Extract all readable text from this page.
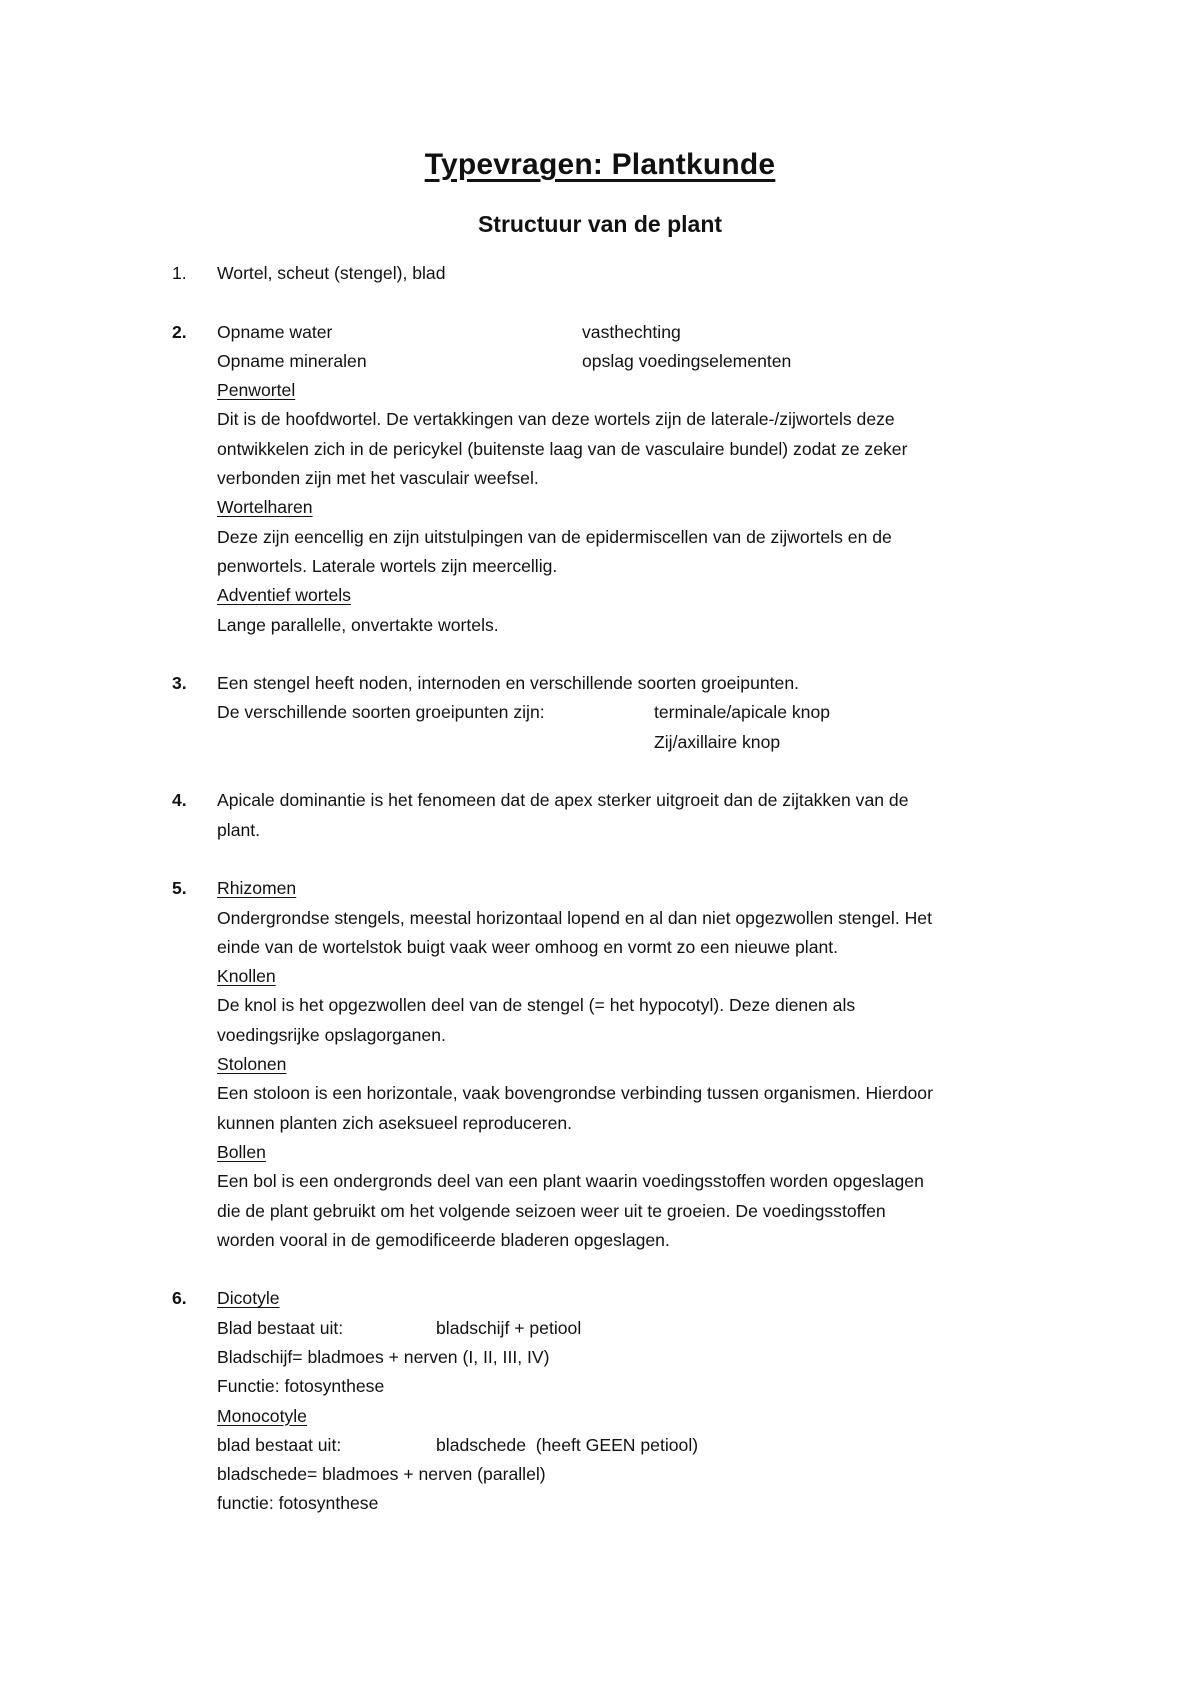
Typevragen: Plantkunde
Structuur van de plant
1.	Wortel, scheut (stengel), blad
2.	Opname water	vasthechting
Opname mineralen	opslag voedingselementen
Penwortel
Dit is de hoofdwortel. De vertakkingen van deze wortels zijn de laterale-/zijwortels deze
ontwikkelen zich in de pericykel (buitenste laag van de vasculaire bundel) zodat ze zeker
verbonden zijn met het vasculair weefsel.
Wortelharen
Deze zijn eencellig en zijn uitstulpingen van de epidermiscellen van de zijwortels en de
penwortels. Laterale wortels zijn meercellig.
Adventief wortels
Lange parallelle, onvertakte wortels.
3.	Een stengel heeft noden, internoden en verschillende soorten groeipunten.
De verschillende soorten groeipunten zijn:	terminale/apicale knop
Zij/axillaire knop
4.	Apicale dominantie is het fenomeen dat de apex sterker uitgroeit dan de zijtakken van de
plant.
5.	Rhizomen
Ondergrondse stengels, meestal horizontaal lopend en al dan niet opgezwollen stengel. Het
einde van de wortelstok buigt vaak weer omhoog en vormt zo een nieuwe plant.
Knollen
De knol is het opgezwollen deel van de stengel (= het hypocotyl). Deze dienen als
voedingsrijke opslagorganen.
Stolonen
Een stoloon is een horizontale, vaak bovengrondse verbinding tussen organismen. Hierdoor
kunnen planten zich aseksueel reproduceren.
Bollen
Een bol is een ondergronds deel van een plant waarin voedingsstoffen worden opgeslagen
die de plant gebruikt om het volgende seizoen weer uit te groeien. De voedingsstoffen
worden vooral in de gemodificeerde bladeren opgeslagen.
6.	Dicotyle
Blad bestaat uit:	bladschijf + petiool
Bladschijf= bladmoes + nerven (I, II, III, IV)
Functie: fotosynthese
Monocotyle
blad bestaat uit:	bladschede  (heeft GEEN petiool)
bladschede= bladmoes + nerven (parallel)
functie: fotosynthese
